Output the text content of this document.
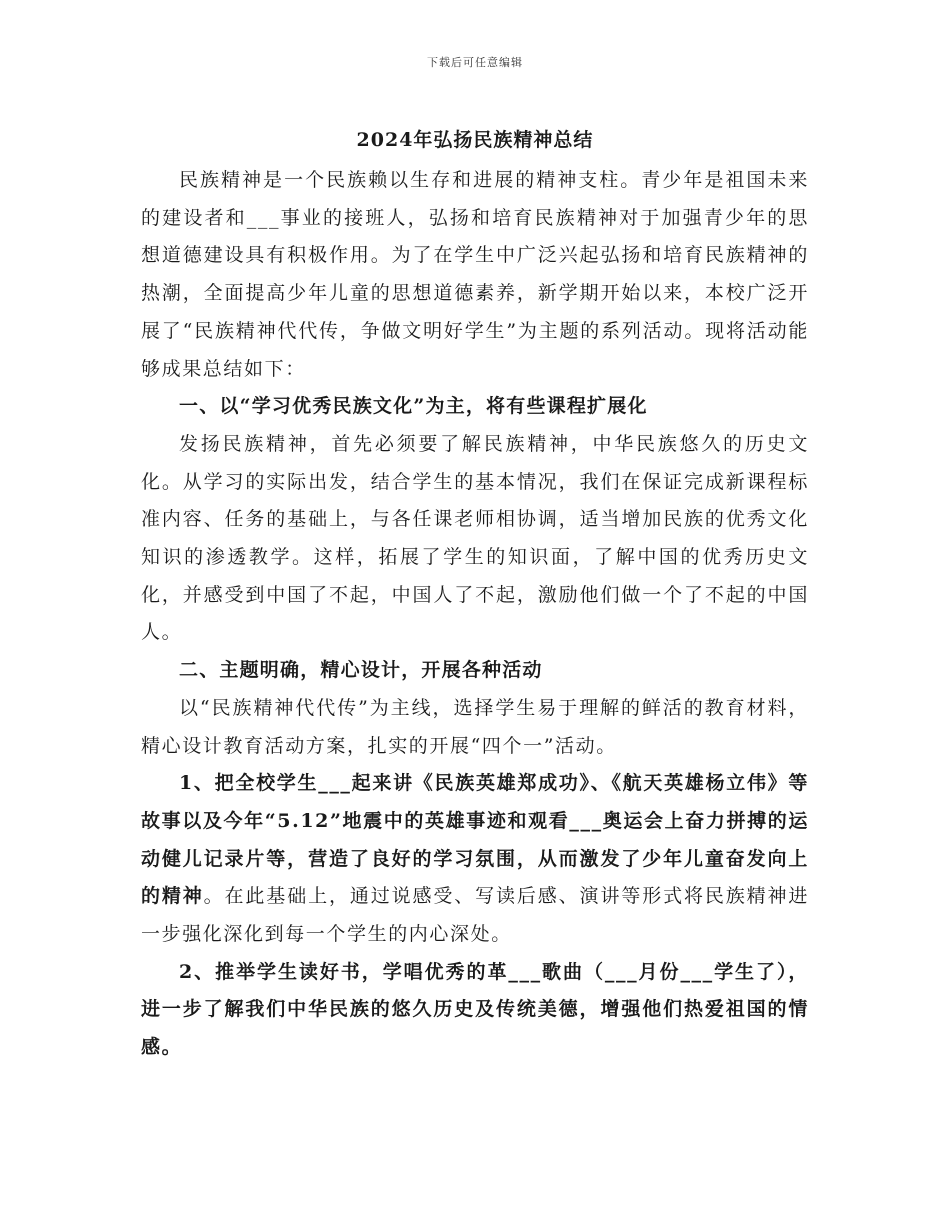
下载后可任意编辑

2024年弘扬民族精神总结

民族精神是一个民族赖以生存和进展的精神支柱。青少年是祖国未来的建设者和___事业的接班人，弘扬和培育民族精神对于加强青少年的思想道德建设具有积极作用。为了在学生中广泛兴起弘扬和培育民族精神的热潮，全面提高少年儿童的思想道德素养，新学期开始以来，本校广泛开展了“民族精神代代传，争做文明好学生”为主题的系列活动。现将活动能够成果总结如下：

一、以“学习优秀民族文化”为主，将有些课程扩展化

发扬民族精神，首先必须要了解民族精神，中华民族悠久的历史文化。从学习的实际出发，结合学生的基本情况，我们在保证完成新课程标准内容、任务的基础上，与各任课老师相协调，适当增加民族的优秀文化知识的渗透教学。这样，拓展了学生的知识面，了解中国的优秀历史文化，并感受到中国了不起，中国人了不起，激励他们做一个了不起的中国人。

二、主题明确，精心设计，开展各种活动

以“民族精神代代传”为主线，选择学生易于理解的鲜活的教育材料，精心设计教育活动方案，扎实的开展“四个一”活动。

1、把全校学生___起来讲《民族英雄郑成功》、《航天英雄杨立伟》等故事以及今年“5.12”地震中的英雄事迹和观看___奥运会上奋力拼搏的运动健儿记录片等，营造了良好的学习氛围，从而激发了少年儿童奋发向上的精神。在此基础上，通过说感受、写读后感、演讲等形式将民族精神进一步强化深化到每一个学生的内心深处。

2、推举学生读好书，学唱优秀的革___歌曲（___月份___学生了），进一步了解我们中华民族的悠久历史及传统美德，增强他们热爱祖国的情感。
